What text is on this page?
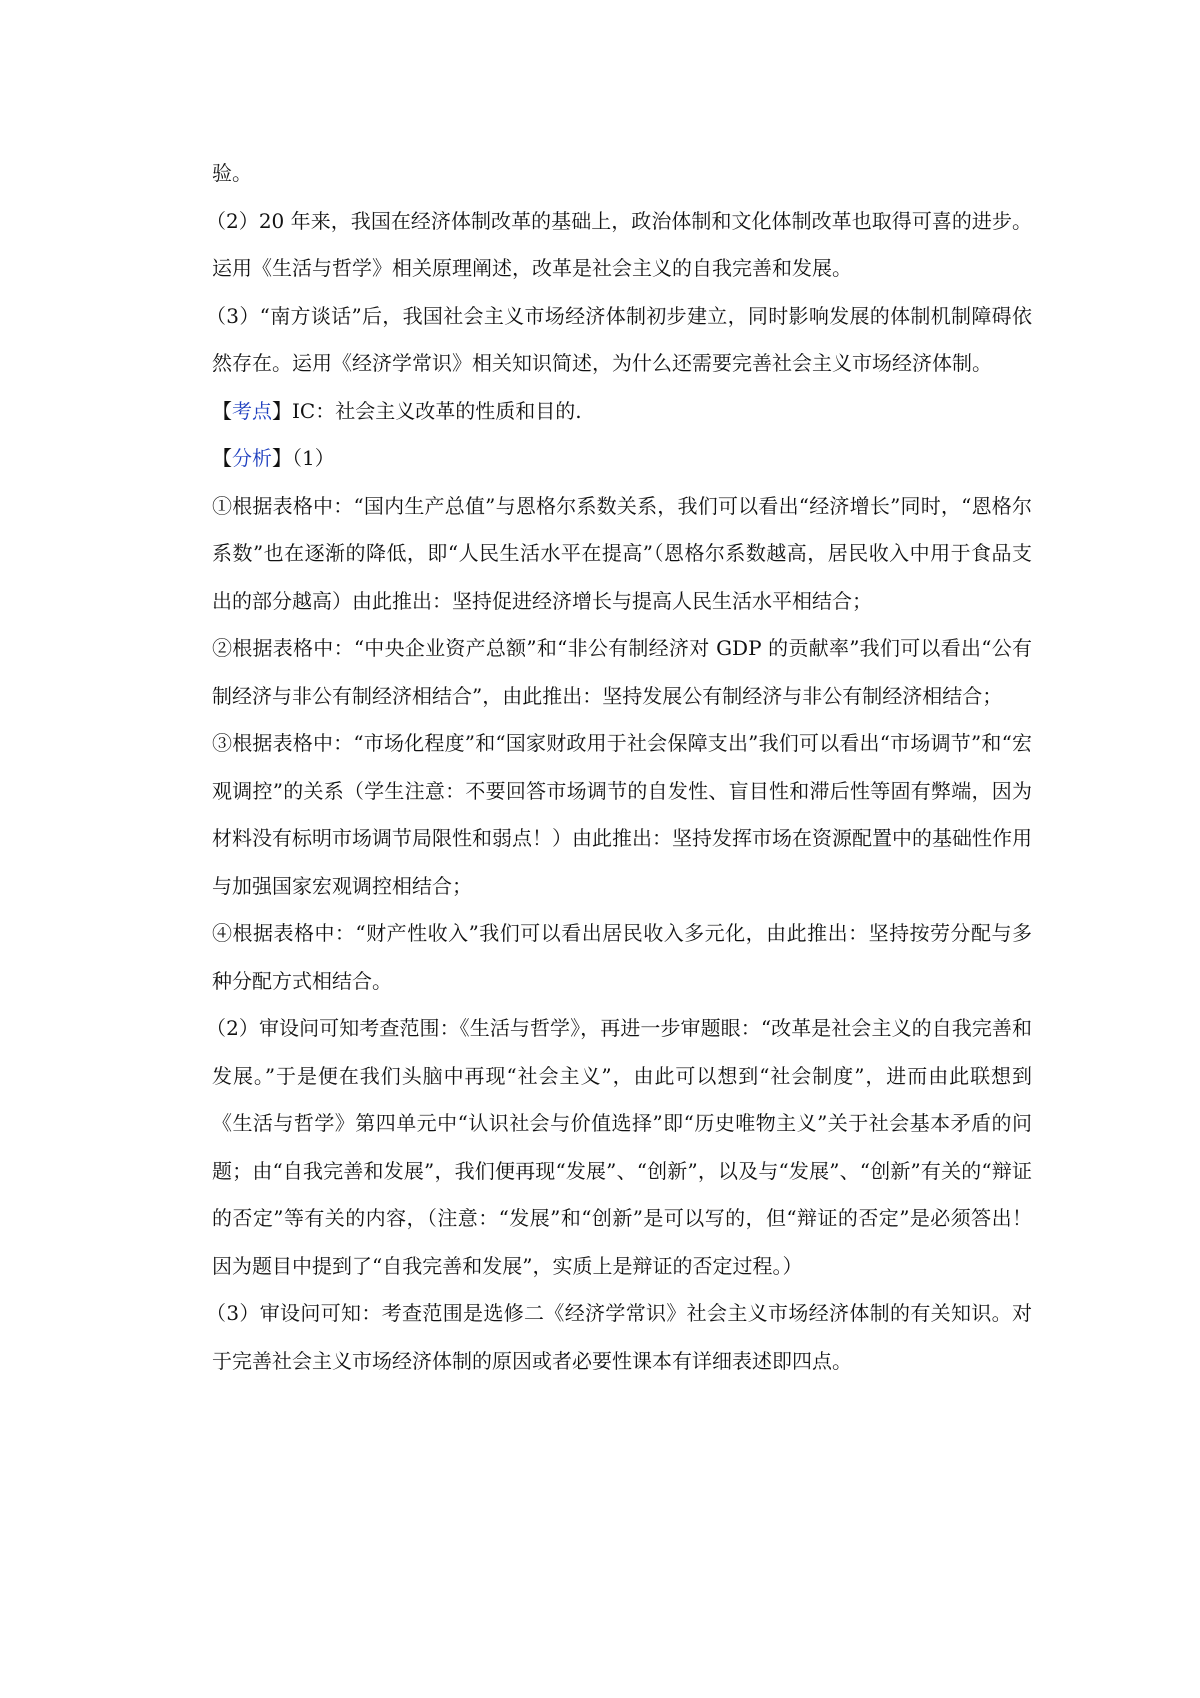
验。

（2）20 年来，我国在经济体制改革的基础上，政治体制和文化体制改革也取得可喜的进步。运用《生活与哲学》相关原理阐述，改革是社会主义的自我完善和发展。

（3）“南方谈话”后，我国社会主义市场经济体制初步建立，同时影响发展的体制机制障碍依然存在。运用《经济学常识》相关知识简述，为什么还需要完善社会主义市场经济体制。

【考点】IC：社会主义改革的性质和目的.

【分析】（1）

①根据表格中：“国内生产总值”与恩格尔系数关系，我们可以看出“经济增长”同时，“恩格尔系数”也在逐渐的降低，即“人民生活水平在提高”（恩格尔系数越高，居民收入中用于食品支出的部分越高）由此推出：坚持促进经济增长与提高人民生活水平相结合；

②根据表格中：“中央企业资产总额”和“非公有制经济对 GDP 的贡献率”我们可以看出“公有制经济与非公有制经济相结合”，由此推出：坚持发展公有制经济与非公有制经济相结合；

③根据表格中：“市场化程度”和“国家财政用于社会保障支出”我们可以看出“市场调节”和“宏观调控”的关系（学生注意：不要回答市场调节的自发性、盲目性和滞后性等固有弊端，因为材料没有标明市场调节局限性和弱点！）由此推出：坚持发挥市场在资源配置中的基础性作用与加强国家宏观调控相结合；

④根据表格中：“财产性收入”我们可以看出居民收入多元化，由此推出：坚持按劳分配与多种分配方式相结合。

（2）审设问可知考查范围：《生活与哲学》，再进一步审题眼：“改革是社会主义的自我完善和发展。”于是便在我们头脑中再现“社会主义”，由此可以想到“社会制度”，进而由此联想到《生活与哲学》第四单元中“认识社会与价值选择”即“历史唯物主义”关于社会基本矛盾的问题；由“自我完善和发展”，我们便再现“发展”、“创新”，以及与“发展”、“创新”有关的“辩证的否定”等有关的内容，（注意：“发展”和“创新”是可以写的，但“辩证的否定”是必须答出！因为题目中提到了“自我完善和发展”，实质上是辩证的否定过程。）

（3）审设问可知：考查范围是选修二《经济学常识》社会主义市场经济体制的有关知识。对于完善社会主义市场经济体制的原因或者必要性课本有详细表述即四点。
